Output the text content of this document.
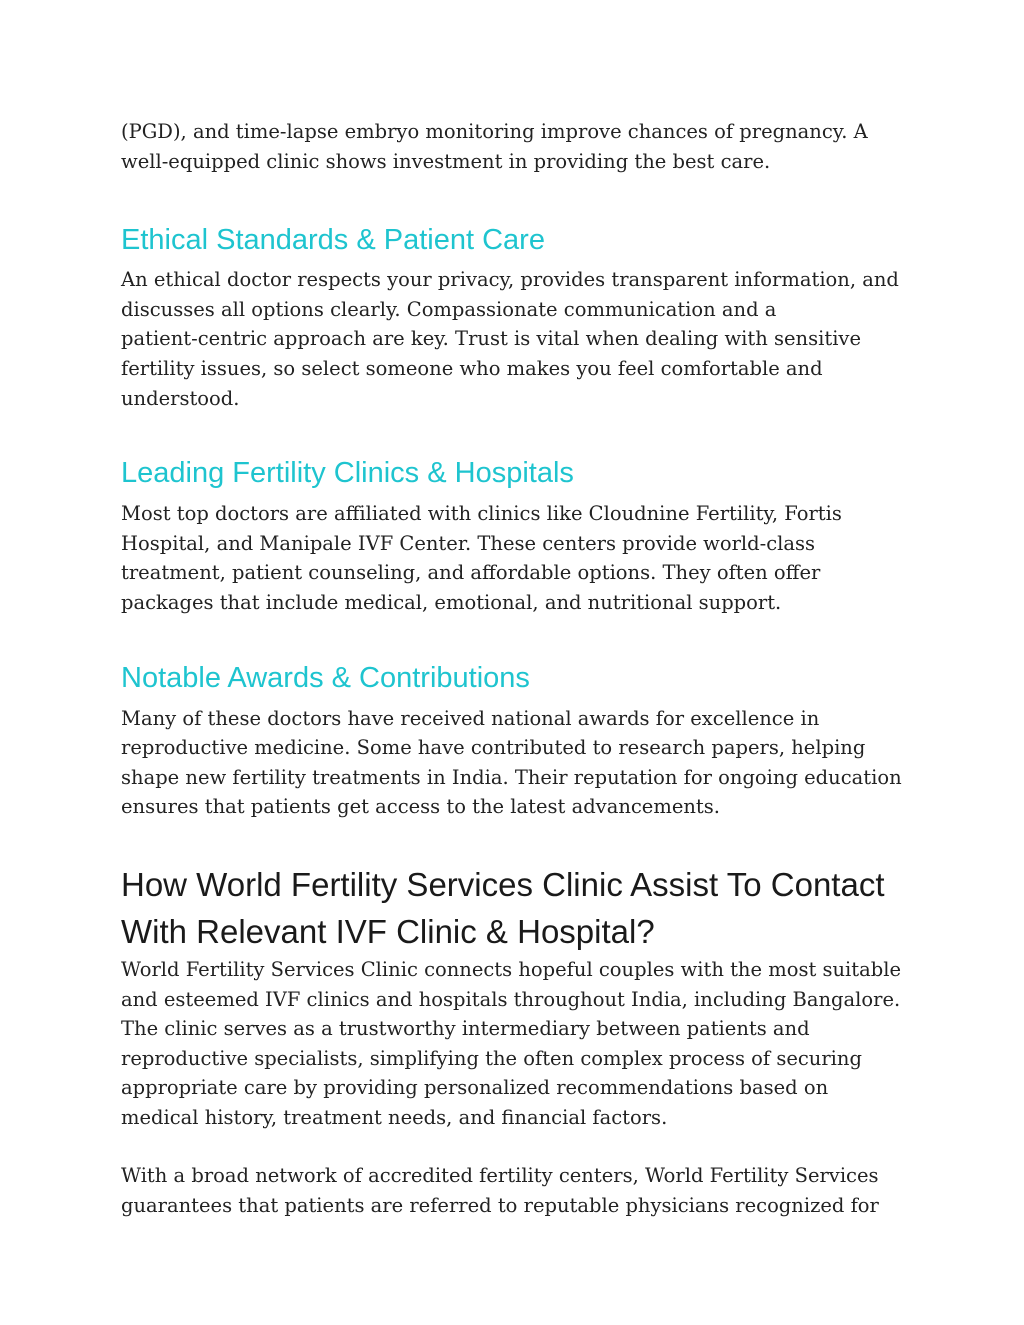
(PGD), and time-lapse embryo monitoring improve chances of pregnancy. A
well-equipped clinic shows investment in providing the best care.

Ethical Standards & Patient Care

An ethical doctor respects your privacy, provides transparent information, and
discusses all options clearly. Compassionate communication and a
patient-centric approach are key. Trust is vital when dealing with sensitive
fertility issues, so select someone who makes you feel comfortable and
understood.

Leading Fertility Clinics & Hospitals

Most top doctors are affiliated with clinics like Cloudnine Fertility, Fortis
Hospital, and Manipale IVF Center. These centers provide world-class
treatment, patient counseling, and affordable options. They often offer
packages that include medical, emotional, and nutritional support.

Notable Awards & Contributions

Many of these doctors have received national awards for excellence in
reproductive medicine. Some have contributed to research papers, helping
shape new fertility treatments in India. Their reputation for ongoing education
ensures that patients get access to the latest advancements.

How World Fertility Services Clinic Assist To Contact
With Relevant IVF Clinic & Hospital?

World Fertility Services Clinic connects hopeful couples with the most suitable
and esteemed IVF clinics and hospitals throughout India, including Bangalore.
The clinic serves as a trustworthy intermediary between patients and
reproductive specialists, simplifying the often complex process of securing
appropriate care by providing personalized recommendations based on
medical history, treatment needs, and financial factors.

With a broad network of accredited fertility centers, World Fertility Services
guarantees that patients are referred to reputable physicians recognized for
